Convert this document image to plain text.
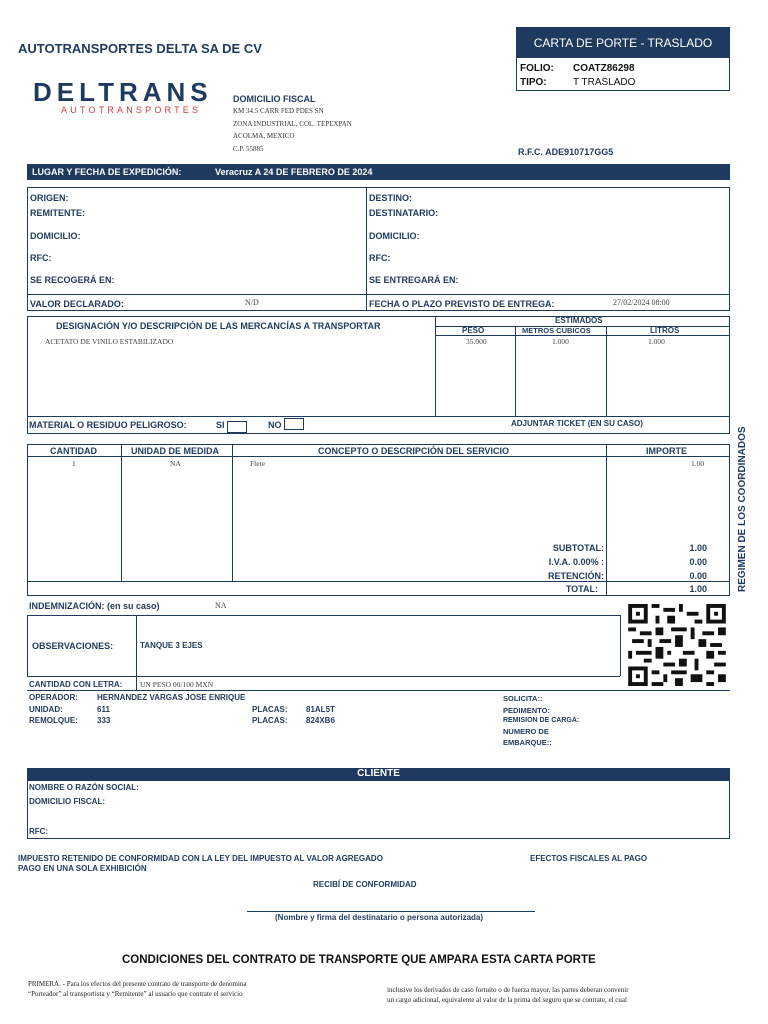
AUTOTRANSPORTES DELTA SA DE CV
DELTRANS
AUTOTRANSPORTES
DOMICILIO FISCAL
KM 34.5 CARR FED PDES SN
ZONA INDUSTRIAL, COL. TEPEXPAN
ACOLMA, MEXICO
C.P. 55885
CARTA DE PORTE - TRASLADO
FOLIO: COATZ86298
TIPO:	T TRASLADO
R.F.C. ADE910717GG5
LUGAR Y FECHA DE EXPEDICIÓN:	Veracruz A 24 DE FEBRERO DE 2024
ORIGEN:
REMITENTE:
DOMICILIO:
RFC:
SE RECOGERÁ EN:
VALOR DECLARADO:	N/D
DESTINO:
DESTINATARIO:
DOMICILIO:
RFC:
SE ENTREGARÁ EN:
FECHA O PLAZO PREVISTO DE ENTREGA:	27/02/2024 08:00
DESIGNACIÓN Y/O DESCRIPCIÓN DE LAS MERCANCÍAS A TRANSPORTAR
ESTIMADOS
PESO	METROS CUBICOS	LITROS
ACETATO DE VINILO ESTABILIZADO	35.000	1.000	1.000
MATERIAL O RESIDUO PELIGROSO:	SI	NO	ADJUNTAR TICKET (EN SU CASO)
CANTIDAD	UNIDAD DE MEDIDA	CONCEPTO O DESCRIPCIÓN DEL SERVICIO	IMPORTE
1	NA	Flete	1.00
SUBTOTAL:	1.00
I.V.A. 0.00% :	0.00
RETENCIÓN:	0.00
TOTAL:	1.00	REGIMEN DE LOS COORDINADOS
INDEMNIZACIÓN: (en su caso)	NA
OBSERVACIONES:	TANQUE 3 EJES
CANTIDAD CON LETRA: UN PESO 00/100 MXN
OPERADOR: HERNANDEZ VARGAS JOSE ENRIQUE
UNIDAD:	611
REMOLQUE: 333
PLACAS: 81AL5T
PLACAS: 824XB6
SOLICITA::
PEDIMENTO:
REMISION DE CARGA:
NUMERO DE
EMBARQUE::
CLIENTE
NOMBRE O RAZÓN SOCIAL:
DOMICILIO FISCAL:
RFC:
IMPUESTO RETENIDO DE CONFORMIDAD CON LA LEY DEL IMPUESTO AL VALOR AGREGADO
PAGO EN UNA SOLA EXHIBICIÓN
EFECTOS FISCALES AL PAGO
RECIBÍ DE CONFORMIDAD
(Nombre y firma del destinatario o persona autorizada)
CONDICIONES DEL CONTRATO DE TRANSPORTE QUE AMPARA ESTA CARTA PORTE
PRIMERA. - Para los efectos del presente contrato de transporte de denomina
“Porteador” al transportista y “Remitente” al usuario que contrate el servicio	inclusive los derivados de caso fortuito o de fuerza mayor, las partes deberan convenir
un cargo adicional, equivalente al valor de la prima del seguro que se contrate, el cual
